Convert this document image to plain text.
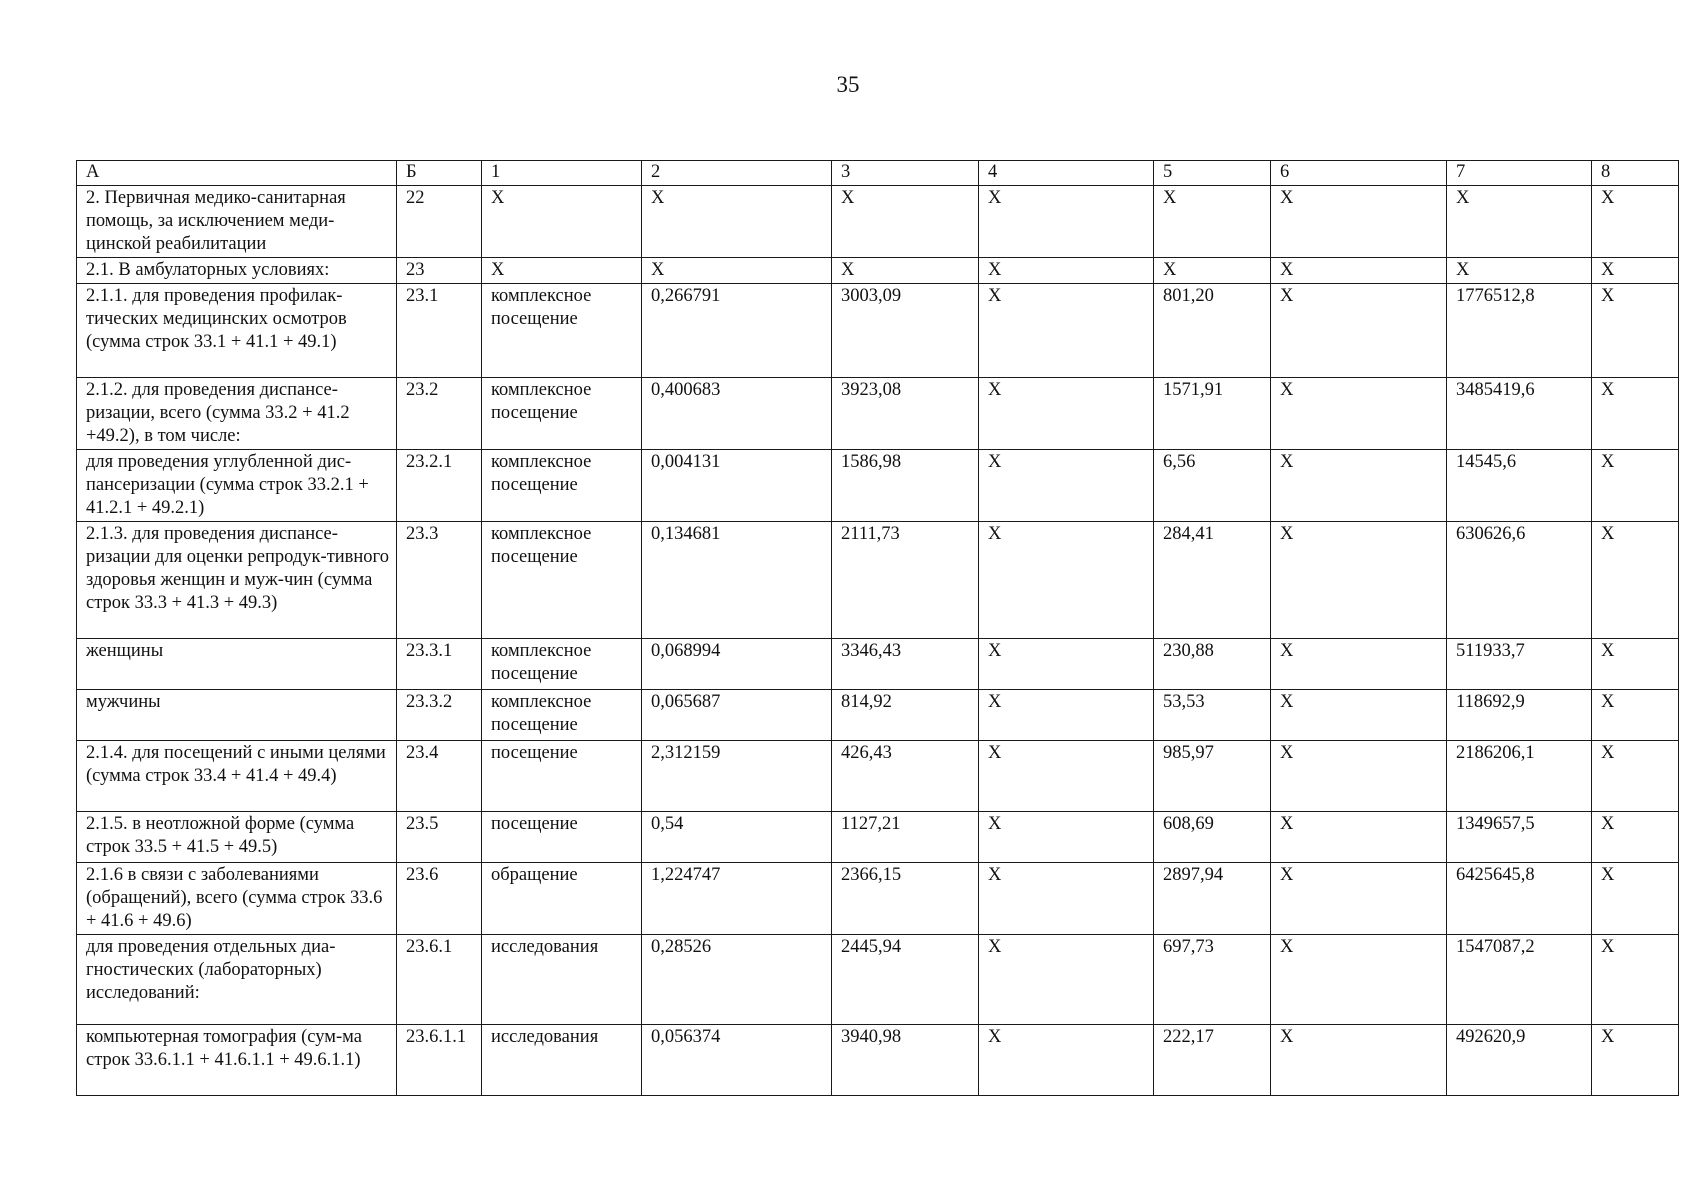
35
А	Б	1	2	3	4	5	6	7	8
2. Первичная медико-санитарная помощь, за исключением меди-цинской реабилитации	22	Х	Х	Х	Х	Х	Х	Х	Х
2.1. В амбулаторных условиях:	23	Х	Х	Х	Х	Х	Х	Х	Х
2.1.1. для проведения профилак-тических медицинских осмотров (сумма строк 33.1 + 41.1 + 49.1)	23.1	комплексное посещение	0,266791	3003,09	Х	801,20	Х	1776512,8	Х
2.1.2. для проведения диспансе-ризации, всего (сумма 33.2 + 41.2 +49.2), в том числе:	23.2	комплексное посещение	0,400683	3923,08	Х	1571,91	Х	3485419,6	Х
для проведения углубленной дис-пансеризации (сумма строк 33.2.1 + 41.2.1 + 49.2.1)	23.2.1	комплексное посещение	0,004131	1586,98	Х	6,56	Х	14545,6	Х
2.1.3. для проведения диспансе-ризации для оценки репродук-тивного здоровья женщин и муж-чин (сумма строк 33.3 + 41.3 + 49.3)	23.3	комплексное посещение	0,134681	2111,73	Х	284,41	Х	630626,6	Х
женщины	23.3.1	комплексное посещение	0,068994	3346,43	Х	230,88	Х	511933,7	Х
мужчины	23.3.2	комплексное посещение	0,065687	814,92	Х	53,53	Х	118692,9	Х
2.1.4. для посещений с иными целями (сумма строк 33.4 + 41.4 + 49.4)	23.4	посещение	2,312159	426,43	Х	985,97	Х	2186206,1	Х
2.1.5. в неотложной форме (сумма строк 33.5 + 41.5 + 49.5)	23.5	посещение	0,54	1127,21	Х	608,69	Х	1349657,5	Х
2.1.6 в связи с заболеваниями (обращений), всего (сумма строк 33.6 + 41.6 + 49.6)	23.6	обращение	1,224747	2366,15	Х	2897,94	Х	6425645,8	Х
для проведения отдельных диа-гностических (лабораторных) исследований:	23.6.1	исследования	0,28526	2445,94	Х	697,73	Х	1547087,2	Х
компьютерная томография (сум-ма строк 33.6.1.1 + 41.6.1.1 + 49.6.1.1)	23.6.1.1	исследования	0,056374	3940,98	Х	222,17	Х	492620,9	Х
